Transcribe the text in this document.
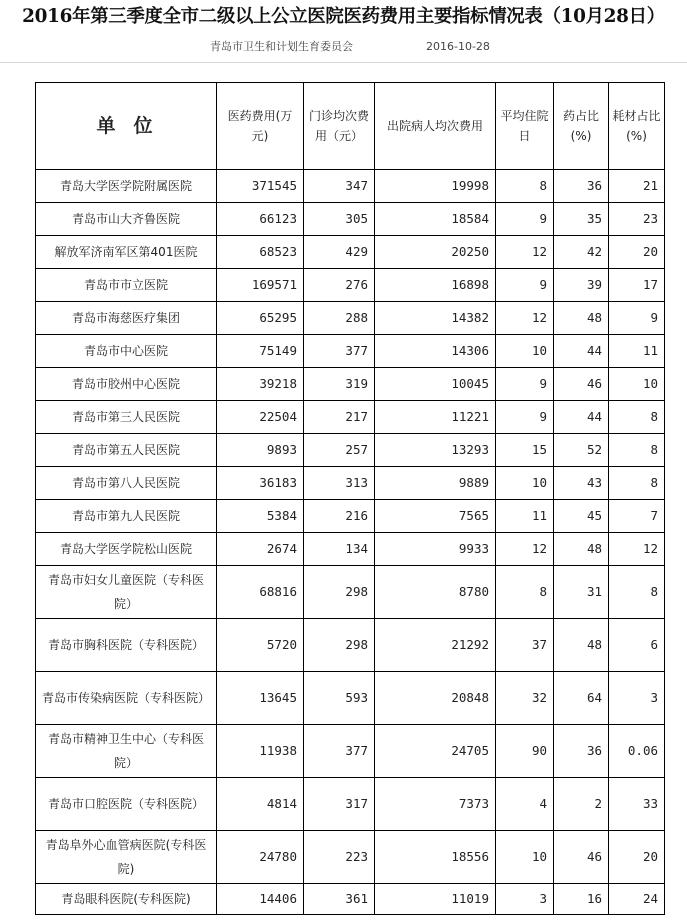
2016年第三季度全市二级以上公立医院医药费用主要指标情况表（10月28日）
青岛市卫生和计划生育委员会	2016-10-28
单位	医药费用(万元)	门诊均次费用（元）	出院病人均次费用	平均住院日	药占比(%)	耗材占比(%)
青岛大学医学院附属医院	371545	347	19998	8	36	21
青岛市山大齐鲁医院	66123	305	18584	9	35	23
解放军济南军区第401医院	68523	429	20250	12	42	20
青岛市市立医院	169571	276	16898	9	39	17
青岛市海慈医疗集团	65295	288	14382	12	48	9
青岛市中心医院	75149	377	14306	10	44	11
青岛市胶州中心医院	39218	319	10045	9	46	10
青岛市第三人民医院	22504	217	11221	9	44	8
青岛市第五人民医院	9893	257	13293	15	52	8
青岛市第八人民医院	36183	313	9889	10	43	8
青岛市第九人民医院	5384	216	7565	11	45	7
青岛大学医学院松山医院	2674	134	9933	12	48	12
青岛市妇女儿童医院（专科医院）	68816	298	8780	8	31	8
青岛市胸科医院（专科医院）	5720	298	21292	37	48	6
青岛市传染病医院（专科医院）	13645	593	20848	32	64	3
青岛市精神卫生中心（专科医院）	11938	377	24705	90	36	0.06
青岛市口腔医院（专科医院）	4814	317	7373	4	2	33
青岛阜外心血管病医院(专科医院)	24780	223	18556	10	46	20
青岛眼科医院(专科医院)	14406	361	11019	3	16	24
